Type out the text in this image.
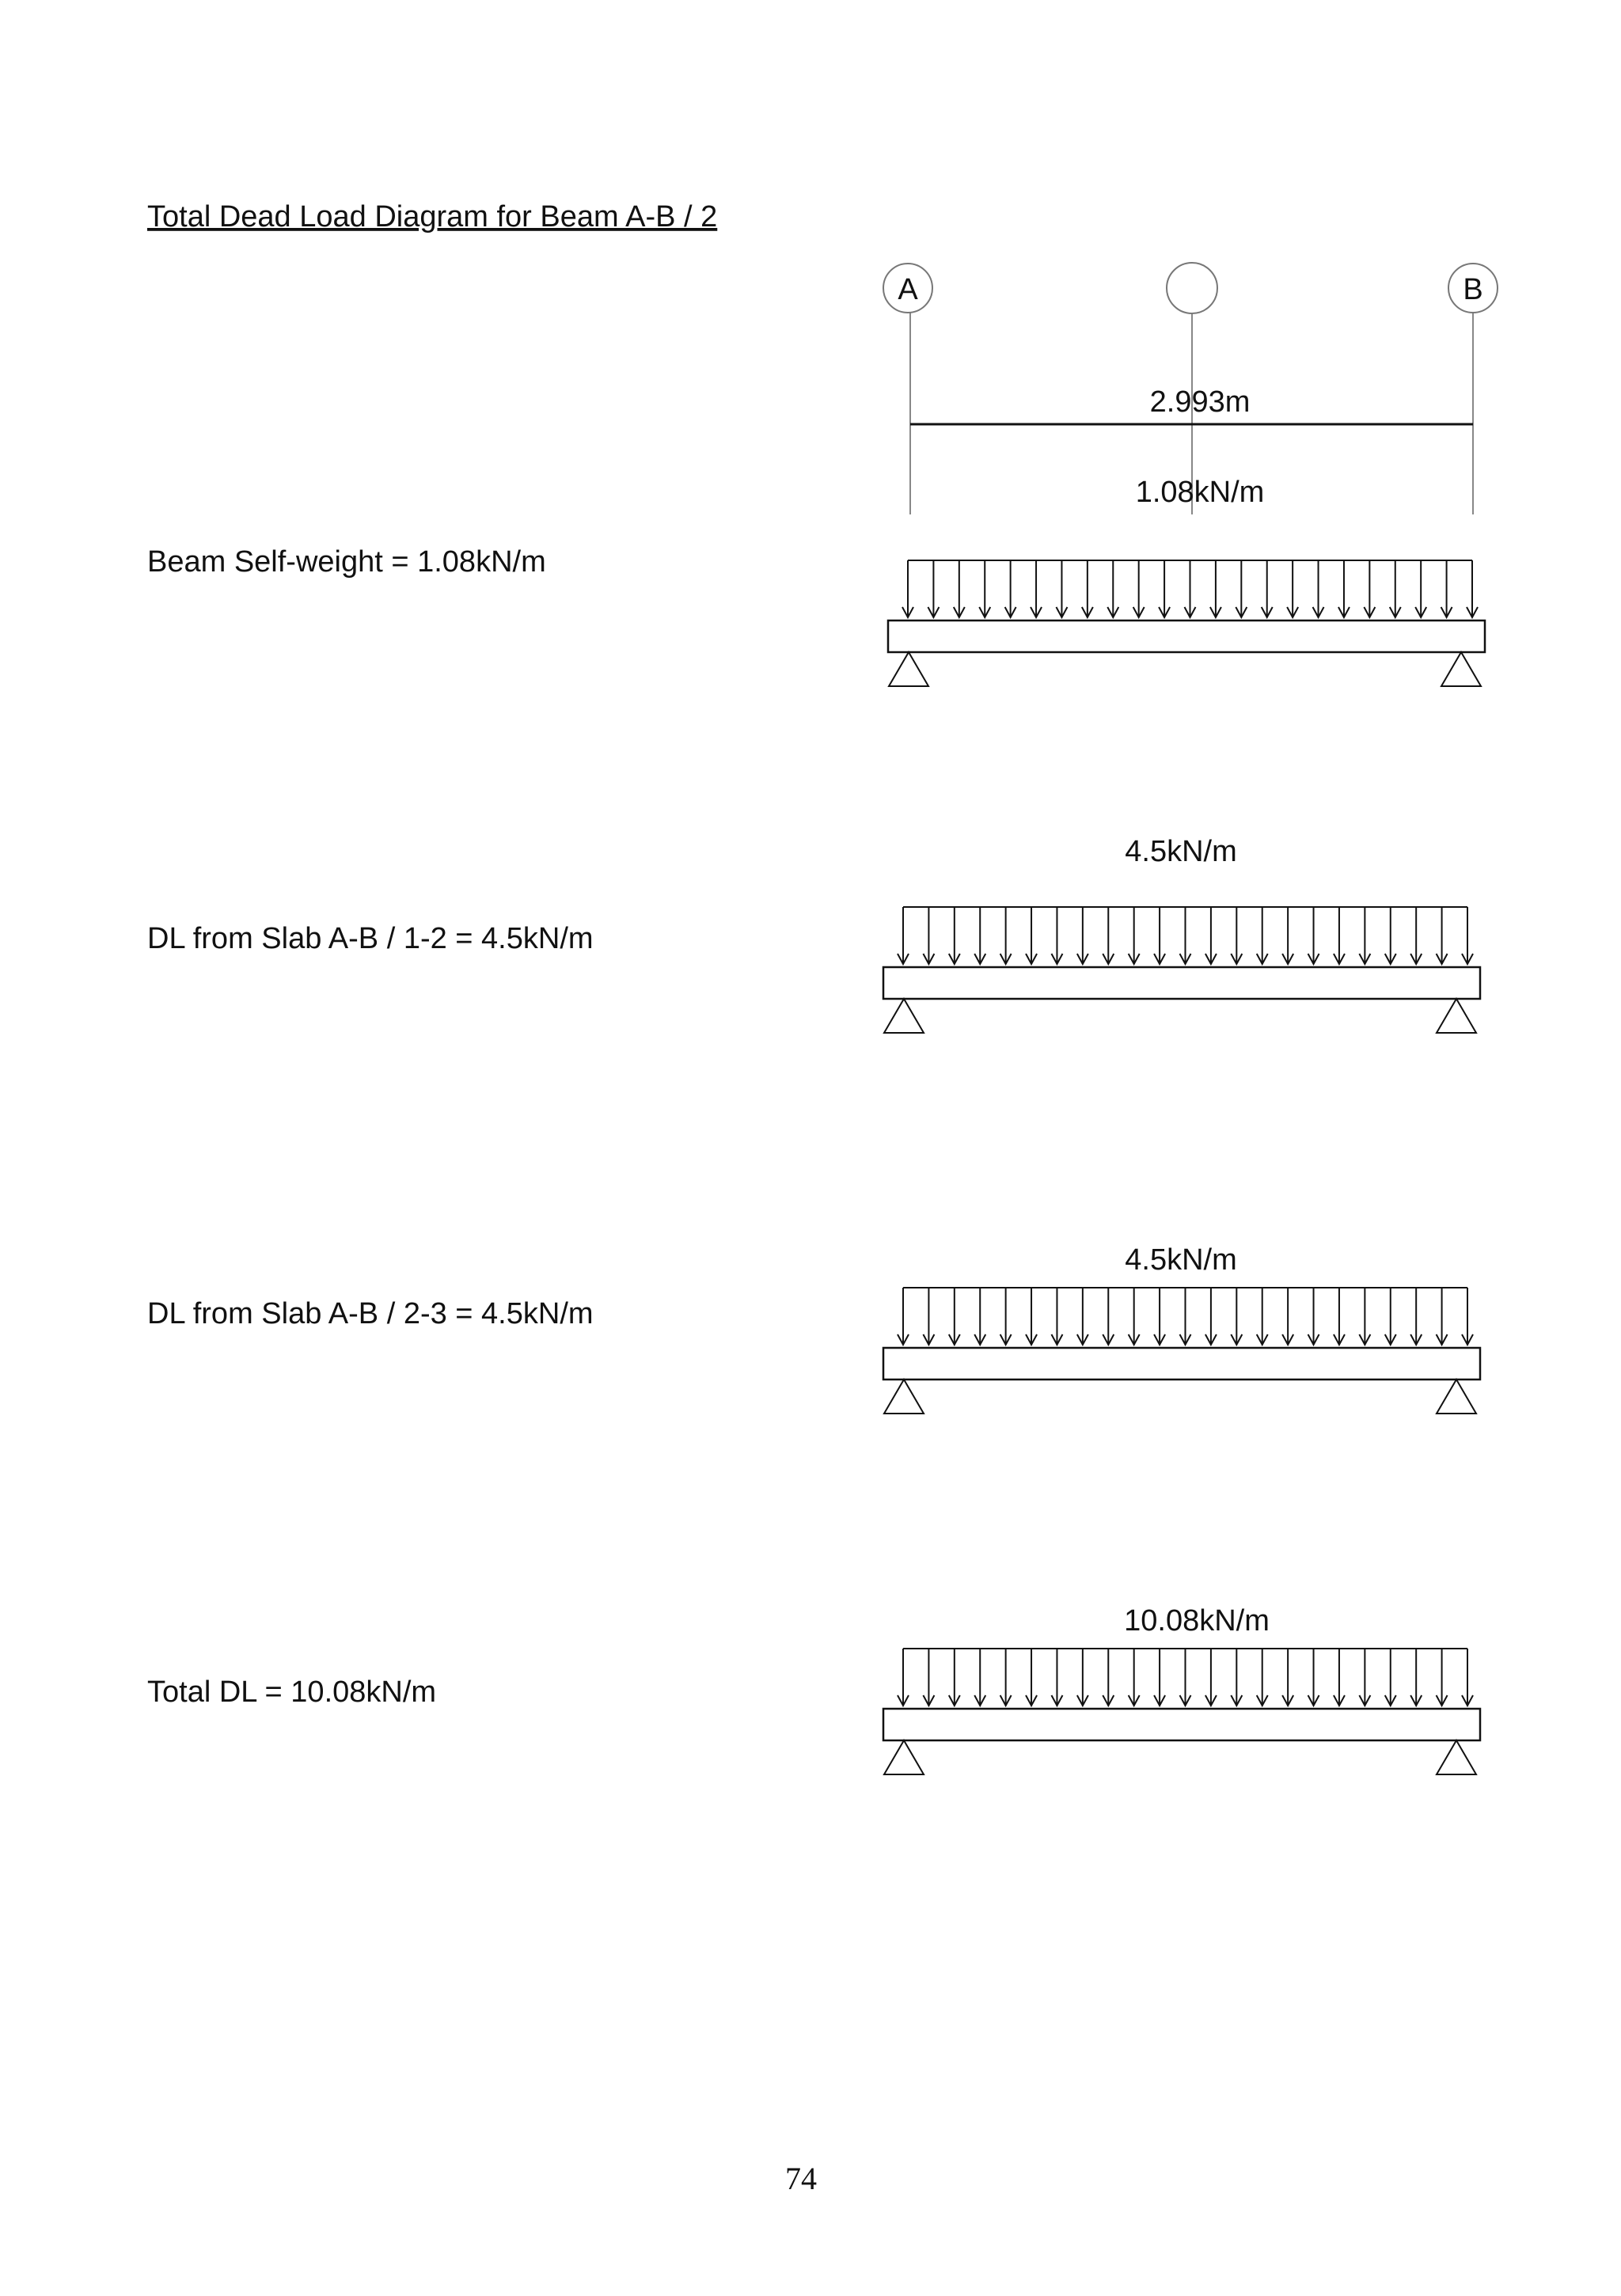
Total Dead Load Diagram for Beam A-B / 2
A	B
2.993m
Beam Self-weight = 1.08kN/m
1.08kN/m
DL from Slab A-B / 1-2 = 4.5kN/m
4.5kN/m
DL from Slab A-B / 2-3 = 4.5kN/m
4.5kN/m
Total DL = 10.08kN/m
10.08kN/m
74
